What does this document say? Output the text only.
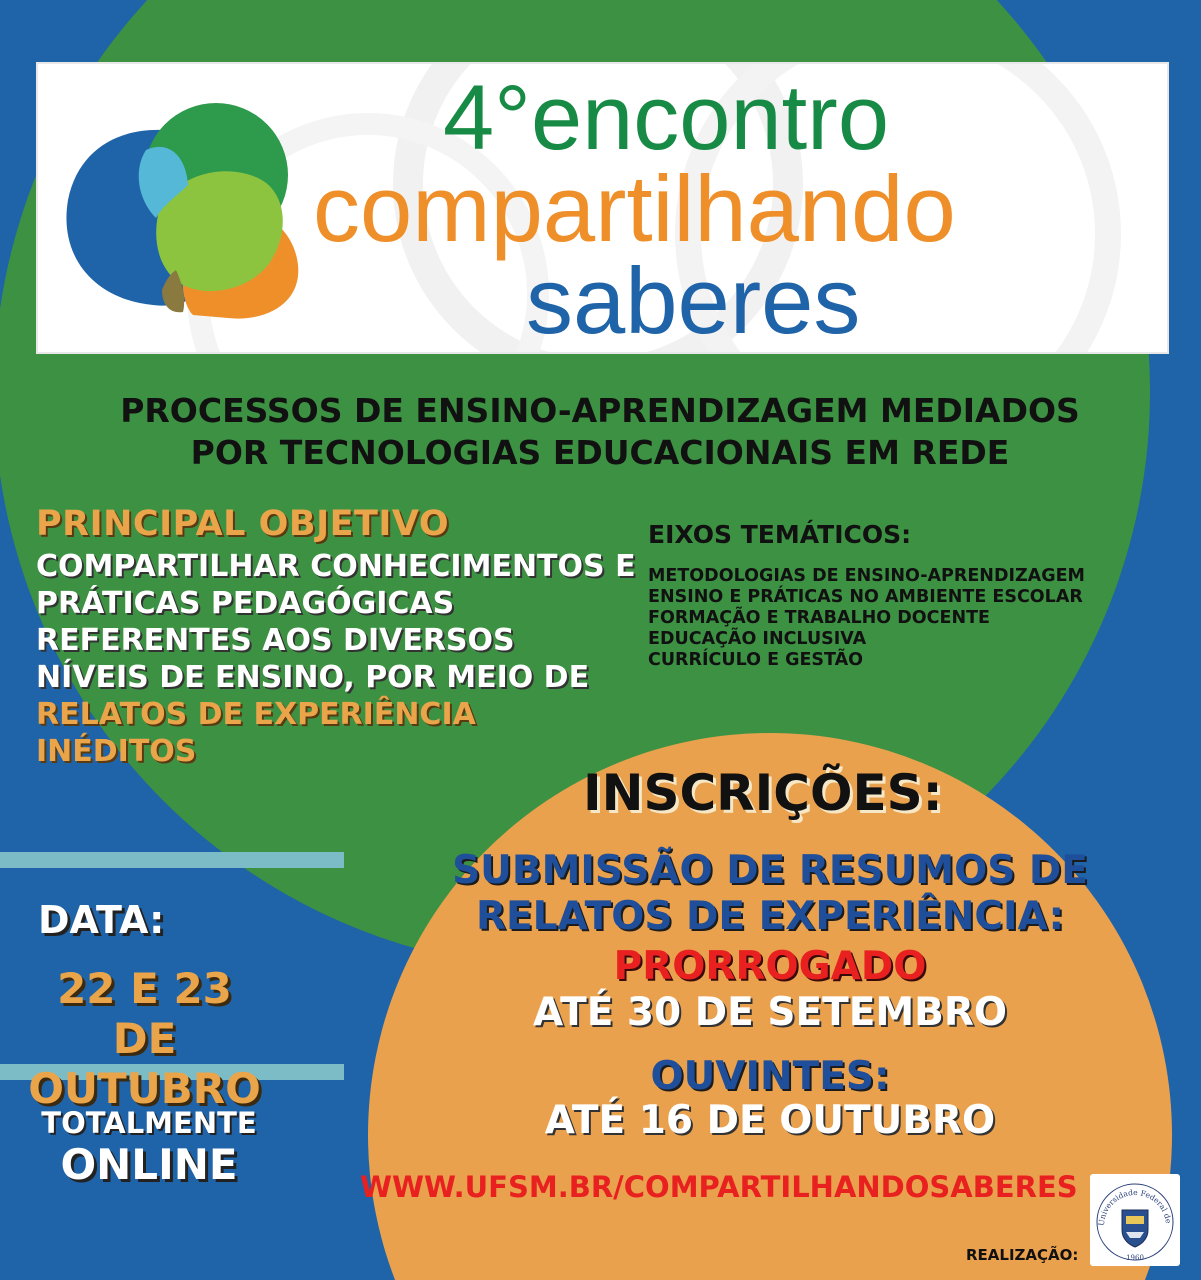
4°encontro
compartilhando
saberes
PROCESSOS DE ENSINO-APRENDIZAGEM MEDIADOS
POR TECNOLOGIAS EDUCACIONAIS EM REDE
PRINCIPAL OBJETIVO
COMPARTILHAR CONHECIMENTOS E PRÁTICAS PEDAGÓGICAS REFERENTES AOS DIVERSOS NÍVEIS DE ENSINO, POR MEIO DE
RELATOS DE EXPERIÊNCIA INÉDITOS
EIXOS TEMÁTICOS:
METODOLOGIAS DE ENSINO-APRENDIZAGEM
ENSINO E PRÁTICAS NO AMBIENTE ESCOLAR
FORMAÇÃO E TRABALHO DOCENTE
EDUCAÇÃO INCLUSIVA
CURRÍCULO E GESTÃO
DATA:
22 E 23 DE
OUTUBRO
TOTALMENTE
ONLINE
INSCRIÇÕES:
SUBMISSÃO DE RESUMOS DE
RELATOS DE EXPERIÊNCIA:
PRORROGADO
ATÉ 30 DE SETEMBRO
OUVINTES:
ATÉ 16 DE OUTUBRO
WWW.UFSM.BR/COMPARTILHANDOSABERES
REALIZAÇÃO:
Universidade Federal de
1960
